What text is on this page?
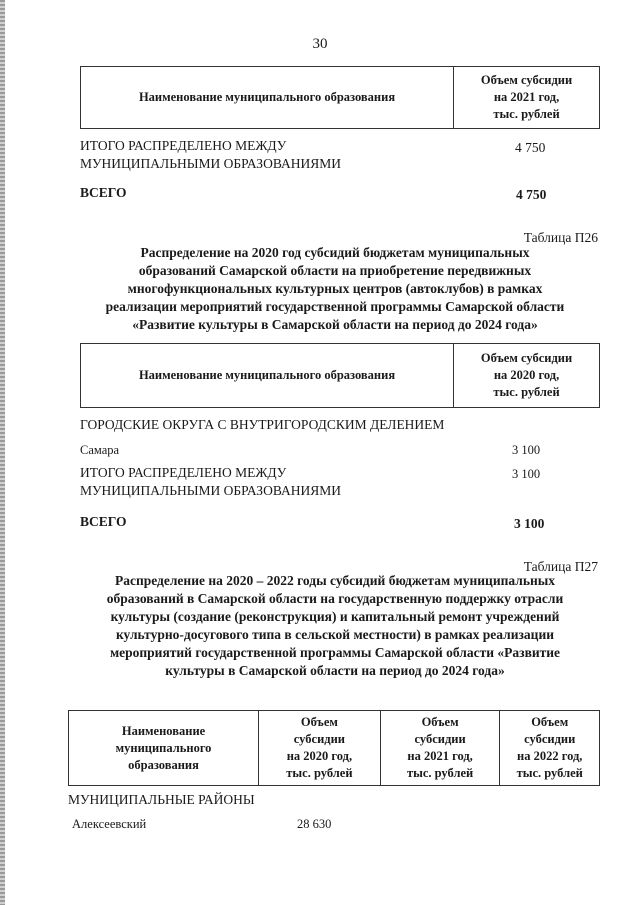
30
Наименование муниципального образования	Объем субсидии
на 2021 год,
тыс. рублей
ИТОГО РАСПРЕДЕЛЕНО МЕЖДУ
МУНИЦИПАЛЬНЫМИ ОБРАЗОВАНИЯМИ
4 750
ВСЕГО	4 750
Таблица П26
Распределение на 2020 год субсидий бюджетам муниципальных
образований Самарской области на приобретение передвижных
многофункциональных культурных центров (автоклубов) в рамках
реализации мероприятий государственной программы Самарской области
«Развитие культуры в Самарской области на период до 2024 года»
Наименование муниципального образования	Объем субсидии
на 2020 год,
тыс. рублей
ГОРОДСКИЕ ОКРУГА С ВНУТРИГОРОДСКИМ ДЕЛЕНИЕМ
Самара	3 100
ИТОГО РАСПРЕДЕЛЕНО МЕЖДУ
МУНИЦИПАЛЬНЫМИ ОБРАЗОВАНИЯМИ
3 100
ВСЕГО	3 100
Таблица П27
Распределение на 2020 – 2022 годы субсидий бюджетам муниципальных
образований в Самарской области на государственную поддержку отрасли
культуры (создание (реконструкция) и капитальный ремонт учреждений
культурно-досугового типа в сельской местности) в рамках реализации
мероприятий государственной программы Самарской области «Развитие
культуры в Самарской области на период до 2024 года»
Наименование
муниципального
образования	Объем
субсидии
на 2020 год,
тыс. рублей	Объем
субсидии
на 2021 год,
тыс. рублей	Объем
субсидии
на 2022 год,
тыс. рублей
МУНИЦИПАЛЬНЫЕ РАЙОНЫ
Алексеевский	28 630
